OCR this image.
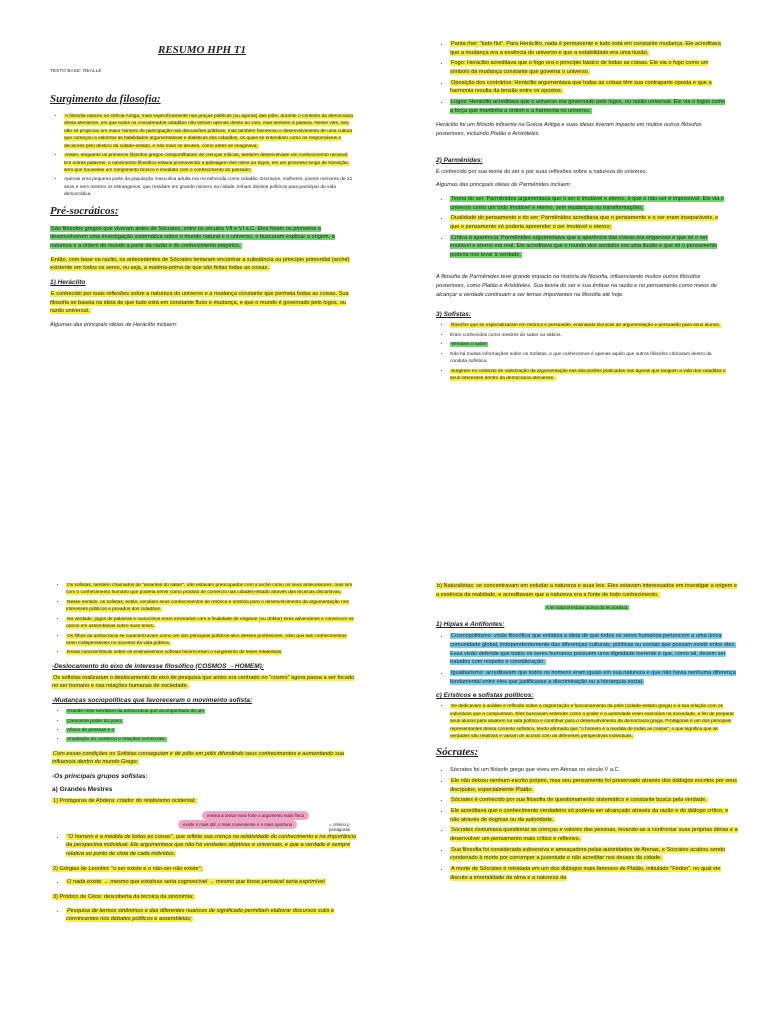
RESUMO HPH T1
TEXTO BASE: REALLE
Surgimento da filosofia:
• A filosofia nasceu na Grécia Antiga, mais especificamente nas praças públicas (ou ágoras) das pólis, durante o contexto da democracia direta ateniense, em que todos os considerados cidadãos não tinham apenas direito ao voto, mas também à palavra. Nesse viés, isso não só propiciou um maior número de participação nas discussões públicas, mas também favoreceu o desenvolvimento de uma cultura que começou a valorizar as habilidades argumentativas e dialéticas dos cidadãos, os quais se entendiam como os responsáveis e decisores pelo destino da cidade-estado, e não mais os deuses, como antes se imaginava;
• Assim, enquanto os primeiros filósofos gregos compartilharam de crenças míticas, também desenvolviam um conhecimento racional. Em outras palavras, o nascimento filosófico estaria promovendo a passagem dos mitos ao logos, em um processo longo de transição, sem que houvesse um rompimento brusco e imediato com o conhecimento do passado;
• Apenas uma pequena parte da população masculina adulta era reconhecida como cidadão. Escravos, mulheres, jovens menores de 21 anos e nem mesmo os estrangeiros, que residiam em grande número na cidade, tinham direitos políticos para participar da vida democrática.
Pré-socráticos:

São filósofos gregos que viveram antes de Sócrates, entre os séculos VII e VI a.C. Eles foram os primeiros a desenvolverem uma investigação sistemática sobre o mundo natural e o universo, e buscaram explicar a origem, a natureza e a ordem do mundo a partir da razão e do conhecimento empírico.

Então, com base na razão, os antecedentes de Sócrates tentaram encontrar a substância ou princípio primordial (arché) existente em todos os seres, ou seja, a matéria-prima de que são feitas todas as coisas.

1) Heráclito

É conhecido por suas reflexões sobre a natureza do universo e a mudança constante que permeia todas as coisas. Sua filosofia se baseia na ideia de que tudo está em constante fluxo e mudança, e que o mundo é governado pelo logos, ou razão universal.

Algumas das principais ideias de Heráclito incluem:

• Panta rhei: "tudo flui". Para Heráclito, nada é permanente e tudo está em constante mudança. Ele acreditava que a mudança era a essência do universo e que a estabilidade era uma ilusão.
• Fogo: Heráclito acreditava que o fogo era o princípio básico de todas as coisas. Ele via o fogo como um símbolo da mudança constante que governa o universo.
• Oposição dos contrários: Heráclito argumentava que todas as coisas têm sua contraparte oposta e que a harmonia resulta da tensão entre os opostos.
• Logos: Heráclito acreditava que o universo era governado pelo logos, ou razão universal. Ele via o logos como a força que mantinha a ordem e a harmonia no universo.

Heráclito foi um filósofo influente na Grécia Antiga e suas ideias tiveram impacto em muitos outros filósofos posteriores, incluindo Platão e Aristóteles.

2) Parmênides:

É conhecido por sua teoria do ser e por suas reflexões sobre a natureza do universo.

Algumas das principais ideias de Parmênides incluem:

• Teoria do ser: Parmênides argumentava que o ser é imutável e eterno, e que o não-ser é impossível. Ele via o universo como um todo imutável e eterno, sem mudanças ou transformações;
• Dualidade do pensamento e do ser: Parmênides acreditava que o pensamento e o ser eram inseparáveis, e que o pensamento só poderia apreender o ser imutável e eterno;
• Crítica à aparência: Parmênides argumentava que a aparência das coisas era enganosa e que só o ser imutável e eterno era real. Ele acreditava que o mundo dos sentidos era uma ilusão e que só o pensamento poderia nos levar à verdade.

A filosofia de Parmênides teve grande impacto na história da filosofia, influenciando muitos outros filósofos posteriores, como Platão e Aristóteles. Sua teoria do ser e sua ênfase na razão e no pensamento como meios de alcançar a verdade continuam a ser temas importantes na filosofia até hoje.

3) Sofistas:
• filósofos que se especializaram em retórica e persuasão, ensinando técnicas de argumentação e persuasão para seus alunos.
• Eram conhecidos como mestres do saber ou sábios.
• Vendiam o saber
• Não há muitas informações sobre os Sofistas, o que conhecemos é apenas aquilo que outros filósofos criticaram dentro da conduta sofística;
• Surgiram no contexto de valorização da argumentação nas discussões praticadas nas ágoras que tangiam a vida dos cidadãos e seus interesses dentro da democracia ateniense.
• Os sofistas, também chamados de "amantes do saber", não estavam preocupados com a arché como os seus antecessores, mas sim com o conhecimento humano que poderia servir como produto de comércio nas cidades-estado através das técnicas discursivas;
• Nesse sentido, os sofistas, então, vendiam seus conhecimentos de retórica e oratória para o desenvolvimento da argumentação nos interesses públicos e privados dos cidadãos.
• Na verdade, jogos de palavras e raciocínios eram ensinados com a finalidade de enganar (ou driblar) seus adversários e convencer os outros em assembleias sobre suas teses.
• Os filhos da aristocracia se caracterizavam como um dos principais públicos-alvo desses professores, visto que tais conhecimentos eram indispensáveis no sucesso da vida pública.
• Essas características sobre os ensinamentos sofistas favoreceram o surgimento de teses relativistas
-Deslocamento do eixo de interesse filosófico (COSMOS →HOMEM):

Os sofistas realizaram o deslocamento do eixo de pesquisa que antes era centrado no "cosmo" agora passa a ser focado no ser humano e nas relações humanas de sociedade.

-Mudanças sociopolíticas que favoreceram o movimento sofista:
• Grande crise inevitável da aristocracia que acompanhado de um
• Crescente poder do povo;
• Afluxo de pessoas e o
• Ampliação do comercio e relações comerciais.

Com essas condições os Sofistas conseguiam ir de pólis em pólis difundindo seus conhecimentos e aumentando sua influencia dentro do mundo Grego;

-Os principais grupos sofistas:
a) Grandes Mestres

1) Protágoras de Abdera: criador do relativismo ocidental;

ensina a tornar mais forte o argumento mais fraco
existe o mais útil, o mais conveniente e o mais oportuno	= critério p protagoras
• "O homem é a medida de todas as coisas", que reflete sua crença na relatividade do conhecimento e na importância da perspectiva individual. Ele argumentava que não há verdades objetivas e universais, e que a verdade é sempre relativa ao ponto de vista de cada indivíduo.

2) Górgias de Leontini: "o ser existe e o não-ser não existe";

• O nada existe → mesmo que existisse seria cognoscível → mesmo que fosse pensável seria exprimível

3) Pródico de Céos: descoberta da técnica da sinonímia;

• Pesquisa de termos sinônimos e das diferentes nuances de significado permitiam elaborar discursos sutis e convincentes nos debates políticos e assembleias;

b) Naturalistas: se concentravam em estudar a natureza e suas leis. Eles estavam interessados em investigar a origem e a essência da realidade, e acreditavam que a natureza era a fonte de todo conhecimento.

A lei natural estava acima da lei positiva;

1) Hípias e Antifontes:
• Cosmopolitismo: visão filosófica que enfatiza a ideia de que todos os seres humanos pertencem a uma única comunidade global, independentemente das diferenças culturais, políticas ou sociais que possam existir entre eles. Essa visão defende que todos os seres humanos possuem uma dignidade inerente e que, como tal, devem ser tratados com respeito e consideração.
• Igualitarismo: acreditavam que todos os homens eram iguais em sua natureza e que não havia nenhuma diferença fundamental entre eles que justificasse a discriminação ou a hierarquia social.
c) Erísticos e sofistas políticos:
• Se dedicavam à análise e reflexão sobre a organização e funcionamento da polis (cidade-estado grega) e à sua relação com os indivíduos que a compunham. Eles buscavam entender como o poder e a autoridade eram exercidos na sociedade, a fim de preparar seus alunos para atuarem na vida política e contribuir para o desenvolvimento da democracia grega. Protágoras é um dos principais representantes dessa corrente sofística, tendo afirmado que "o homem é a medida de todas as coisas", o que significa que as verdades são relativas e variam de acordo com as diferentes perspectivas individuais.
Sócrates:
• Sócrates foi um filósofo grego que viveu em Atenas no século V a.C.
• Ele não deixou nenhum escrito próprio, mas seu pensamento foi preservado através dos diálogos escritos por seus discípulos, especialmente Platão.
• Sócrates é conhecido por sua filosofia de questionamento sistemático e constante busca pela verdade.
• Ele acreditava que o conhecimento verdadeiro só poderia ser alcançado através da razão e do diálogo crítico, e não através de dogmas ou da autoridade.
• Sócrates costumava questionar as crenças e valores das pessoas, levando-as a confrontar suas próprias ideias e a desenvolver um pensamento mais crítico e reflexivo.
• Sua filosofia foi considerada subversiva e ameaçadora pelas autoridades de Atenas, e Sócrates acabou sendo condenado à morte por corromper a juventude e não acreditar nos deuses da cidade.
• A morte de Sócrates é retratada em um dos diálogos mais famosos de Platão, intitulado "Fédon", no qual ele discute a imortalidade da alma e a natureza da
